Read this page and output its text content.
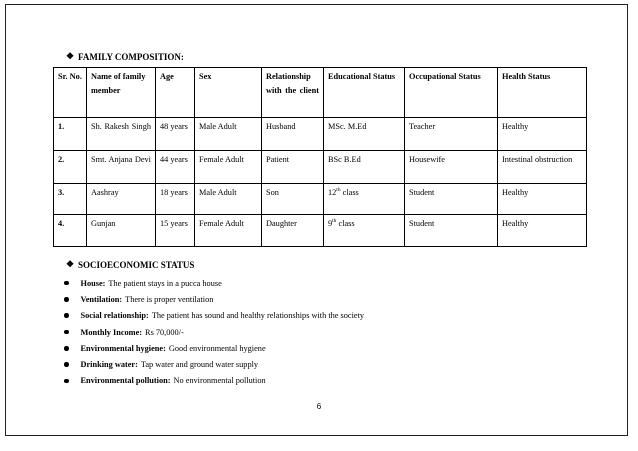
❖ FAMILY COMPOSITION:
Sr. No.	Name of family member	Age	Sex	Relationship with the client	Educational Status	Occupational Status	Health Status
1.	Sh. Rakesh Singh	48 years	Male Adult	Husband	MSc. M.Ed	Teacher	Healthy
2.	Smt. Anjana Devi	44 years	Female Adult	Patient	BSc B.Ed	Housewife	Intestinal obstruction
3.	Aashray	18 years	Male Adult	Son	12th class	Student	Healthy
4.	Gunjan	15 years	Female Adult	Daughter	9th class	Student	Healthy
❖ SOCIOECONOMIC STATUS
House: The patient stays in a pucca house
Ventilation: There is proper ventilation
Social relationship: The patient has sound and healthy relationships with the society
Monthly Income: Rs 70,000/-
Environmental hygiene: Good environmental hygiene
Drinking water: Tap water and ground water supply
Environmental pollution: No environmental pollution
6
